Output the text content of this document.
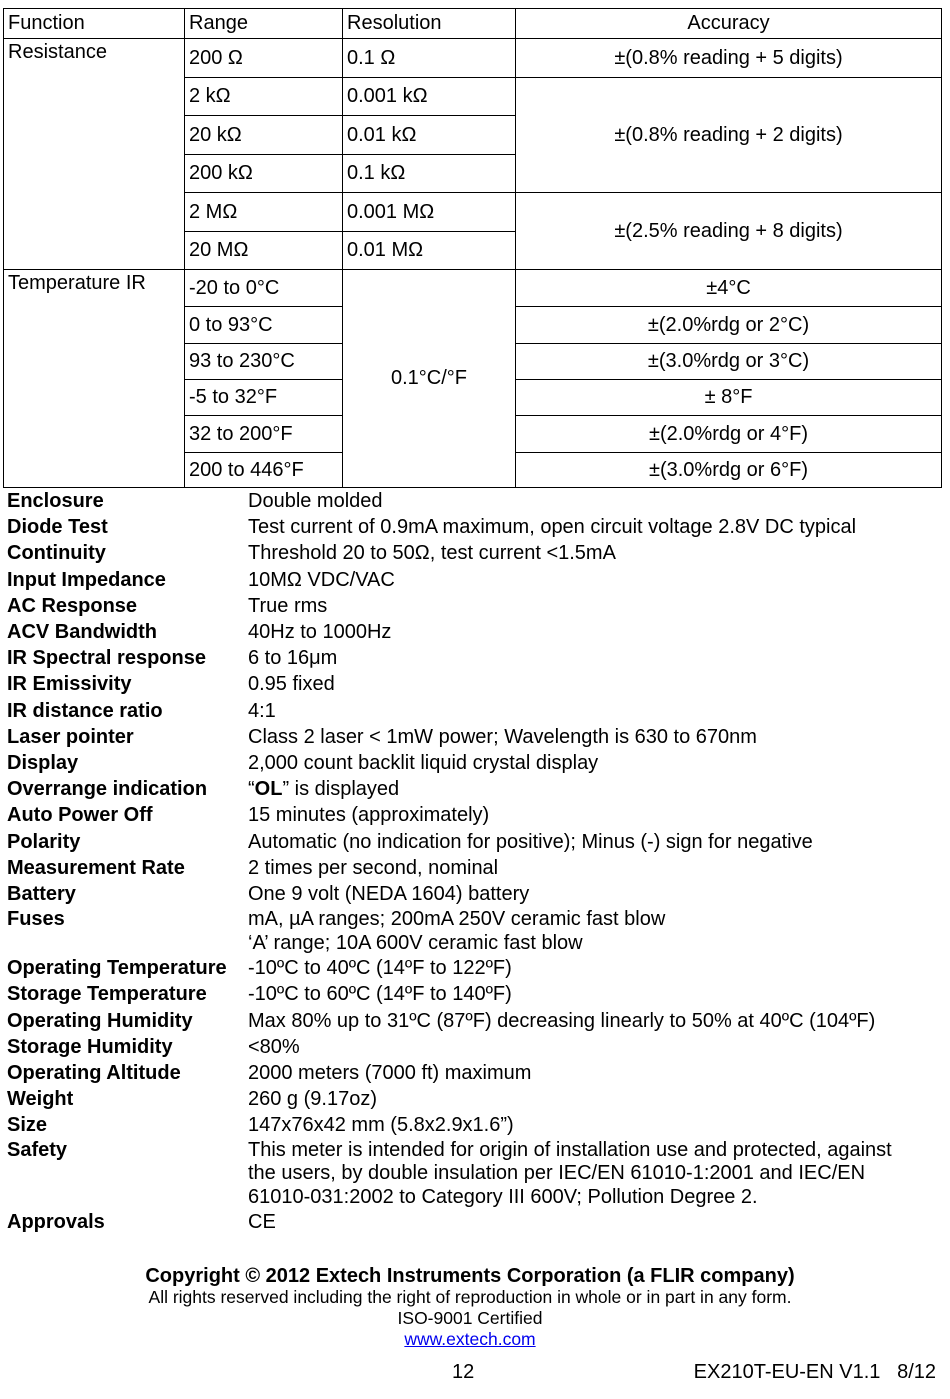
Function	Range	Resolution	Accuracy
Resistance	200 Ω	0.1 Ω	±(0.8% reading + 5 digits)
	2 kΩ	0.001 kΩ	±(0.8% reading + 2 digits)
	20 kΩ	0.01 kΩ	
	200 kΩ	0.1 kΩ	
	2 MΩ	0.001 MΩ	±(2.5% reading + 8 digits)
	20 MΩ	0.01 MΩ	
Temperature IR	-20 to 0°C	0.1°C/°F	±4°C
	0 to 93°C		±(2.0%rdg or 2°C)
	93 to 230°C		±(3.0%rdg or 3°C)
	-5 to 32°F		± 8°F
	32 to 200°F		±(2.0%rdg or 4°F)
	200 to 446°F		±(3.0%rdg or 6°F)
Enclosure	Double molded
Diode Test	Test current of 0.9mA maximum, open circuit voltage 2.8V DC typical
Continuity	Threshold 20 to 50Ω, test current <1.5mA
Input Impedance	10MΩ VDC/VAC
AC Response	True rms
ACV Bandwidth	40Hz to 1000Hz
IR Spectral response	6 to 16μm
IR Emissivity	0.95 fixed
IR distance ratio	4:1
Laser pointer	Class 2 laser < 1mW power; Wavelength is 630 to 670nm
Display	2,000 count backlit liquid crystal display
Overrange indication	“OL” is displayed
Auto Power Off	15 minutes (approximately)
Polarity	Automatic (no indication for positive); Minus (-) sign for negative
Measurement Rate	2 times per second, nominal
Battery	One 9 volt (NEDA 1604) battery
Fuses	mA, µA ranges; 200mA 250V ceramic fast blow
‘A’ range; 10A 600V ceramic fast blow
Operating Temperature	-10ºC to 40ºC (14ºF to 122ºF)
Storage Temperature	-10ºC to 60ºC (14ºF to 140ºF)
Operating Humidity	Max 80% up to 31ºC (87ºF) decreasing linearly to 50% at 40ºC (104ºF)
Storage Humidity	<80%
Operating Altitude	2000 meters (7000 ft) maximum
Weight	260 g (9.17oz)
Size	147x76x42 mm (5.8x2.9x1.6”)
Safety	This meter is intended for origin of installation use and protected, against
the users, by double insulation per IEC/EN 61010-1:2001 and IEC/EN
61010-031:2002 to Category III 600V; Pollution Degree 2.
Approvals	CE
Copyright © 2012 Extech Instruments Corporation (a FLIR company)
All rights reserved including the right of reproduction in whole or in part in any form.
ISO-9001 Certified
www.extech.com
12	EX210T-EU-EN V1.1   8/12
